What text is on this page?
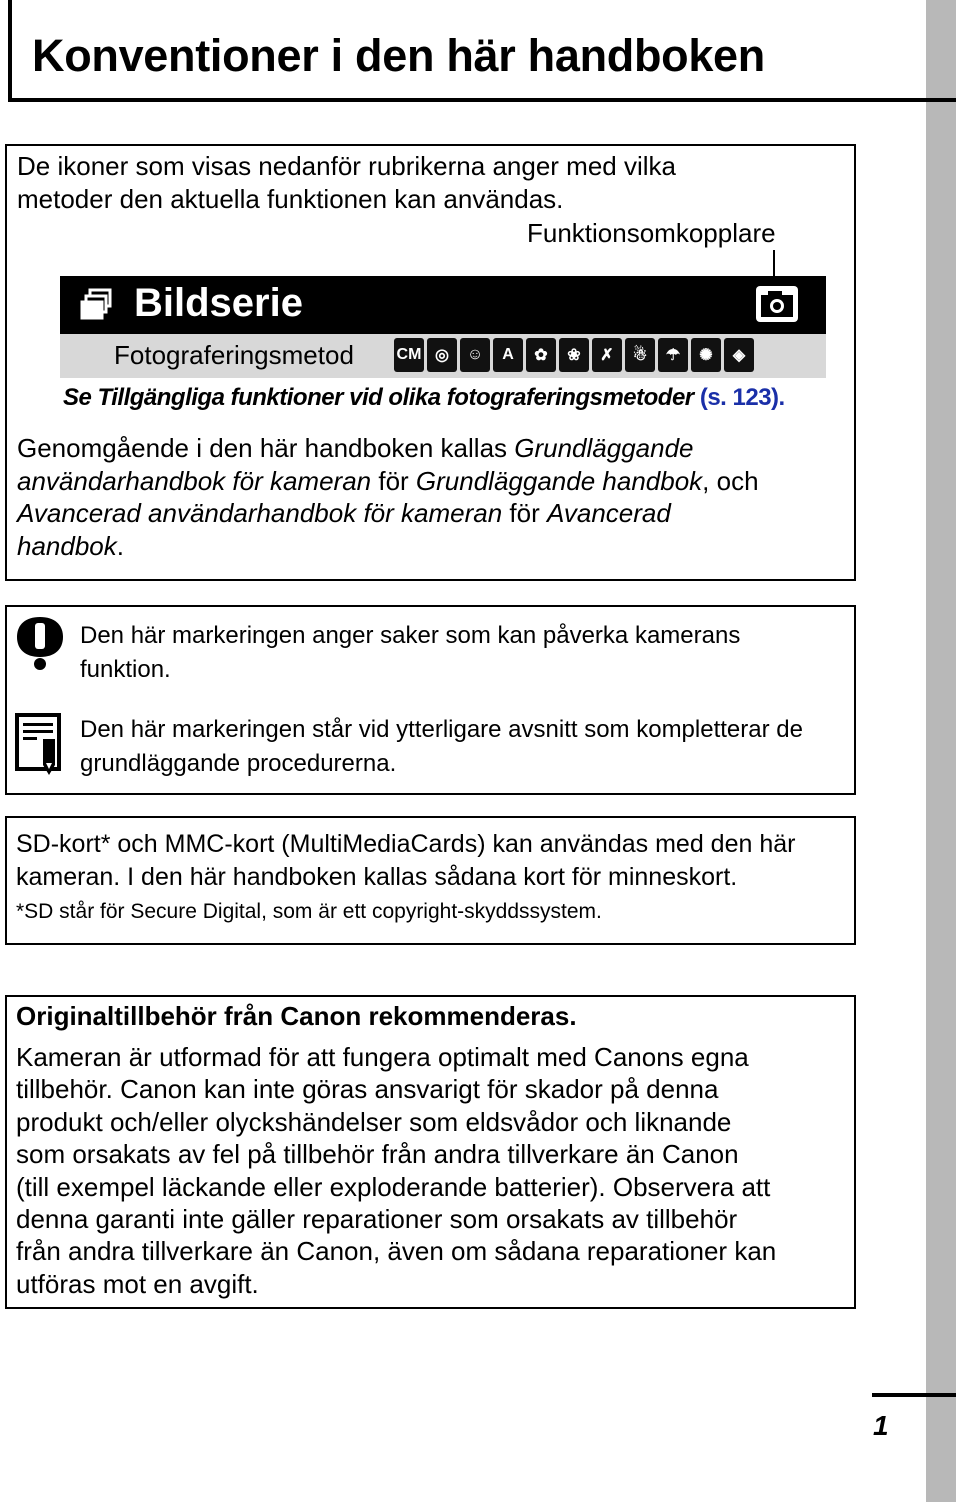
Konventioner i den här handboken
De ikoner som visas nedanför rubrikerna anger med vilka
metoder den aktuella funktionen kan användas.
Funktionsomkopplare
Bildserie
Fotograferingsmetod	CM ◎	☺	A	✿	❀	✗	☃	☂	✺	◈
Se Tillgängliga funktioner vid olika fotograferingsmetoder (s. 123).
Genomgående i den här handboken kallas Grundläggande
användarhandbok för kameran för Grundläggande handbok, och
Avancerad användarhandbok för kameran för Avancerad
handbok.
Den här markeringen anger saker som kan påverka kamerans
funktion.
Den här markeringen står vid ytterligare avsnitt som kompletterar de
grundläggande procedurerna.
SD-kort* och MMC-kort (MultiMediaCards) kan användas med den här
kameran. I den här handboken kallas sådana kort för minneskort.
*SD står för Secure Digital, som är ett copyright-skyddssystem.
Originaltillbehör från Canon rekommenderas.
Kameran är utformad för att fungera optimalt med Canons egna
tillbehör. Canon kan inte göras ansvarigt för skador på denna
produkt och/eller olyckshändelser som eldsvådor och liknande
som orsakats av fel på tillbehör från andra tillverkare än Canon
(till exempel läckande eller exploderande batterier). Observera att
denna garanti inte gäller reparationer som orsakats av tillbehör
från andra tillverkare än Canon, även om sådana reparationer kan
utföras mot en avgift.
1
